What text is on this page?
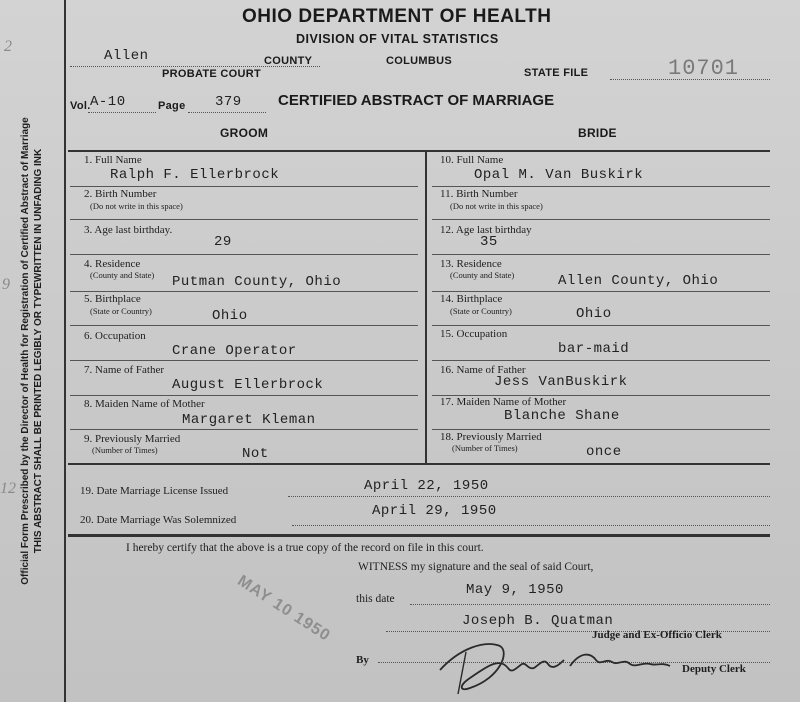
Official Form Prescribed by the Director of Health for Registration of Certified Abstract of Marriage THIS ABSTRACT SHALL BE PRINTED LEGIBLY OR TYPEWRITTEN IN UNFADING INK
2
9
12
OHIO DEPARTMENT OF HEALTH
DIVISION OF VITAL STATISTICS
Allen	COUNTY	COLUMBUS
PROBATE COURT	STATE FILE	10701
Vol. A-10	Page 379 CERTIFIED ABSTRACT OF MARRIAGE
GROOM	BRIDE
1. Full Name
Ralph F. Ellerbrock
2. Birth Number
(Do not write in this space)
3. Age last birthday.
29
4. Residence
(County and State) Putman County, Ohio
5. Birthplace
(State or Country)	Ohio
6. Occupation
Crane Operator
7. Name of Father
August Ellerbrock
8. Maiden Name of Mother
Margaret Kleman
9. Previously Married
(Number of Times)	Not
10. Full Name
Opal M. Van Buskirk
11. Birth Number
(Do not write in this space)
12. Age last birthday
35
13. Residence
(County and State)	Allen County, Ohio
14. Birthplace
(State or Country)	Ohio
15. Occupation
bar-maid
16. Name of Father
Jess VanBuskirk
17. Maiden Name of Mother
Blanche Shane
18. Previously Married
(Number of Times)	once
19. Date Marriage License Issued	April 22, 1950
20. Date Marriage Was Solemnized
April 29, 1950
I hereby certify that the above is a true copy of the record on file in this court.
WITNESS my signature and the seal of said Court,
this date
May 9, 1950
Joseph B. Quatman
Judge and Ex-Officio Clerk
By
Deputy Clerk
MAY 10 1950
